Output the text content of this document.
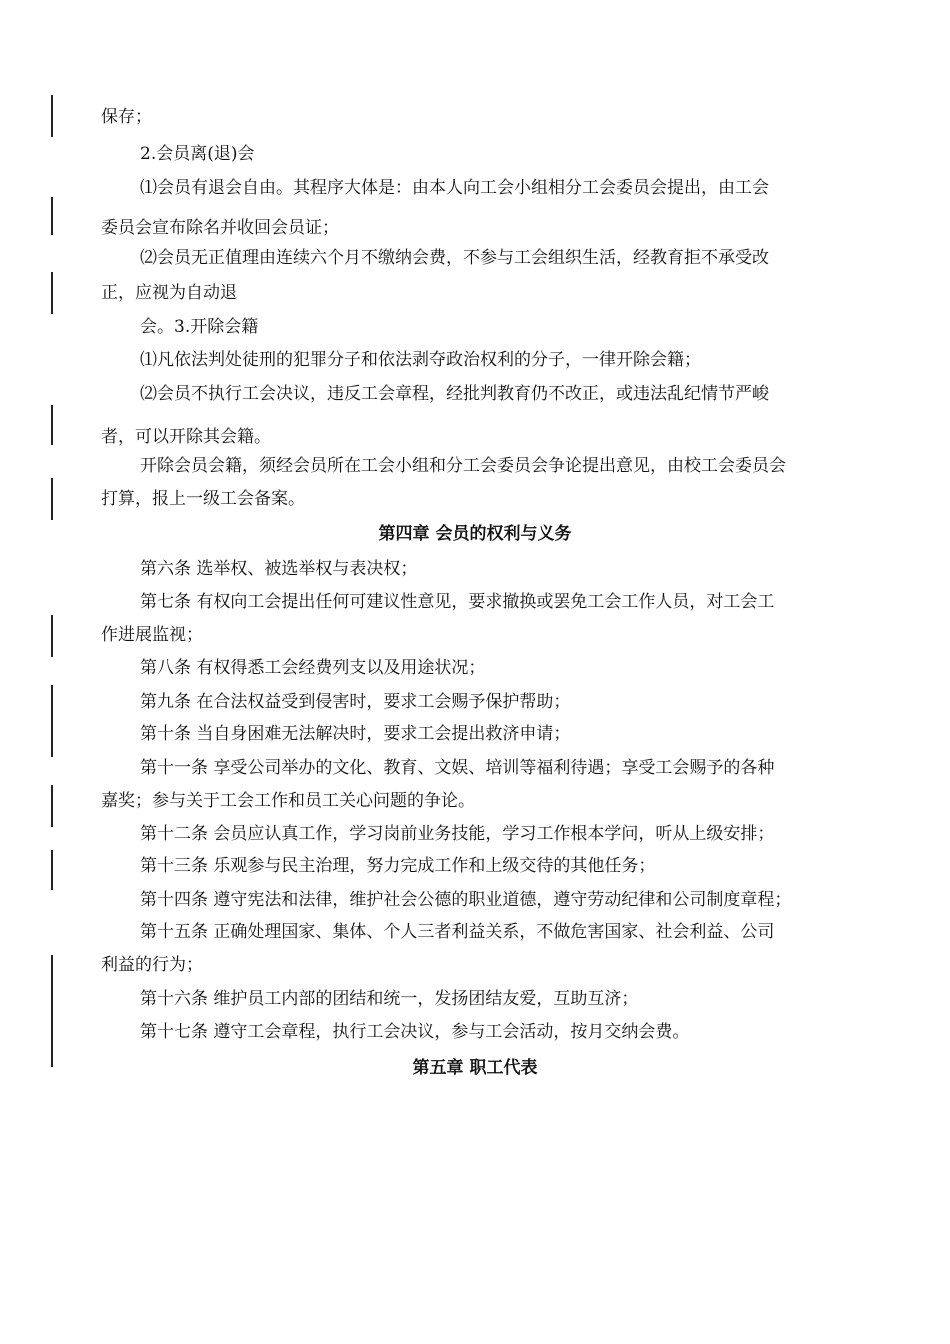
保存；
2.会员离(退)会
⑴会员有退会自由。其程序大体是：由本人向工会小组相分工会委员会提出，由工会
委员会宣布除名并收回会员证；
⑵会员无正值理由连续六个月不缴纳会费，不参与工会组织生活，经教育拒不承受改
正，应视为自动退
会。3.开除会籍
⑴凡依法判处徒刑的犯罪分子和依法剥夺政治权利的分子，一律开除会籍；
⑵会员不执行工会决议，违反工会章程，经批判教育仍不改正，或违法乱纪情节严峻
者，可以开除其会籍。
开除会员会籍，须经会员所在工会小组和分工会委员会争论提出意见，由校工会委员会
打算，报上一级工会备案。
第四章 会员的权利与义务
第六条 选举权、被选举权与表决权；
第七条 有权向工会提出任何可建议性意见，要求撤换或罢免工会工作人员，对工会工
作进展监视；
第八条 有权得悉工会经费列支以及用途状况；
第九条 在合法权益受到侵害时，要求工会赐予保护帮助；
第十条 当自身困难无法解决时，要求工会提出救济申请；
第十一条 享受公司举办的文化、教育、文娱、培训等福利待遇；享受工会赐予的各种
嘉奖；参与关于工会工作和员工关心问题的争论。
第十二条 会员应认真工作，学习岗前业务技能，学习工作根本学问，听从上级安排；
第十三条 乐观参与民主治理，努力完成工作和上级交待的其他任务；
第十四条 遵守宪法和法律，维护社会公德的职业道德，遵守劳动纪律和公司制度章程；
第十五条 正确处理国家、集体、个人三者利益关系，不做危害国家、社会利益、公司
利益的行为；
第十六条 维护员工内部的团结和统一，发扬团结友爱，互助互济；
第十七条 遵守工会章程，执行工会决议，参与工会活动，按月交纳会费。
第五章 职工代表
